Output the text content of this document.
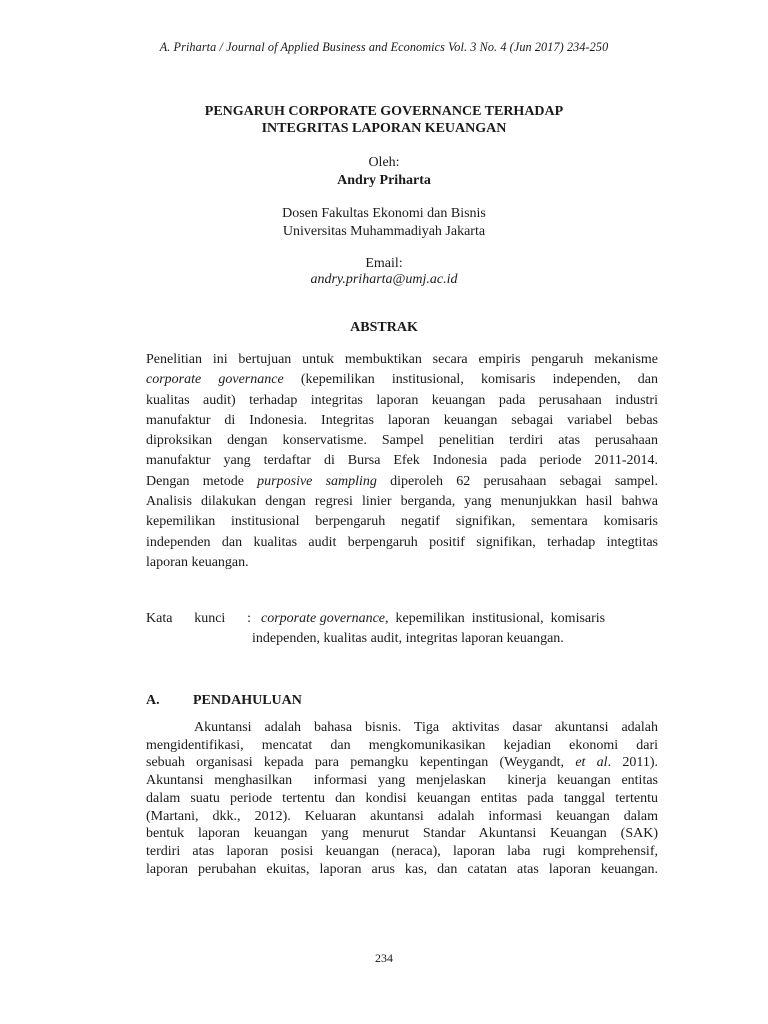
A. Priharta / Journal of Applied Business and Economics Vol. 3 No. 4 (Jun 2017) 234-250
PENGARUH CORPORATE GOVERNANCE TERHADAP
INTEGRITAS LAPORAN KEUANGAN
Oleh:
Andry Priharta
Dosen Fakultas Ekonomi dan Bisnis
Universitas Muhammadiyah Jakarta
Email:
andry.priharta@umj.ac.id
ABSTRAK
Penelitian ini bertujuan untuk membuktikan secara empiris pengaruh mekanisme
corporate governance (kepemilikan institusional, komisaris independen, dan
kualitas audit) terhadap integritas laporan keuangan pada perusahaan industri
manufaktur di Indonesia. Integritas laporan keuangan sebagai variabel bebas
diproksikan dengan konservatisme. Sampel penelitian terdiri atas perusahaan
manufaktur yang terdaftar di Bursa Efek Indonesia pada periode 2011-2014.
Dengan metode purposive sampling diperoleh 62 perusahaan sebagai sampel.
Analisis dilakukan dengan regresi linier berganda, yang menunjukkan hasil bahwa
kepemilikan institusional berpengaruh negatif signifikan, sementara komisaris
independen dan kualitas audit berpengaruh positif signifikan, terhadap integtitas
laporan keuangan.
Kata kunci : corporate governance,  kepemilikan  institusional,  komisaris
independen, kualitas audit, integritas laporan keuangan.
A. PENDAHULUAN
Akuntansi adalah bahasa bisnis. Tiga aktivitas dasar akuntansi adalah
mengidentifikasi, mencatat dan mengkomunikasikan kejadian ekonomi dari
sebuah organisasi kepada para pemangku kepentingan (Weygandt, et al. 2011).
Akuntansi menghasilkan  informasi yang menjelaskan  kinerja keuangan entitas
dalam suatu periode tertentu dan kondisi keuangan entitas pada tanggal tertentu
(Martani, dkk., 2012). Keluaran akuntansi adalah informasi keuangan dalam
bentuk laporan keuangan yang menurut Standar Akuntansi Keuangan (SAK)
terdiri atas laporan posisi keuangan (neraca), laporan laba rugi komprehensif,
laporan perubahan ekuitas, laporan arus kas, dan catatan atas laporan keuangan.
234
